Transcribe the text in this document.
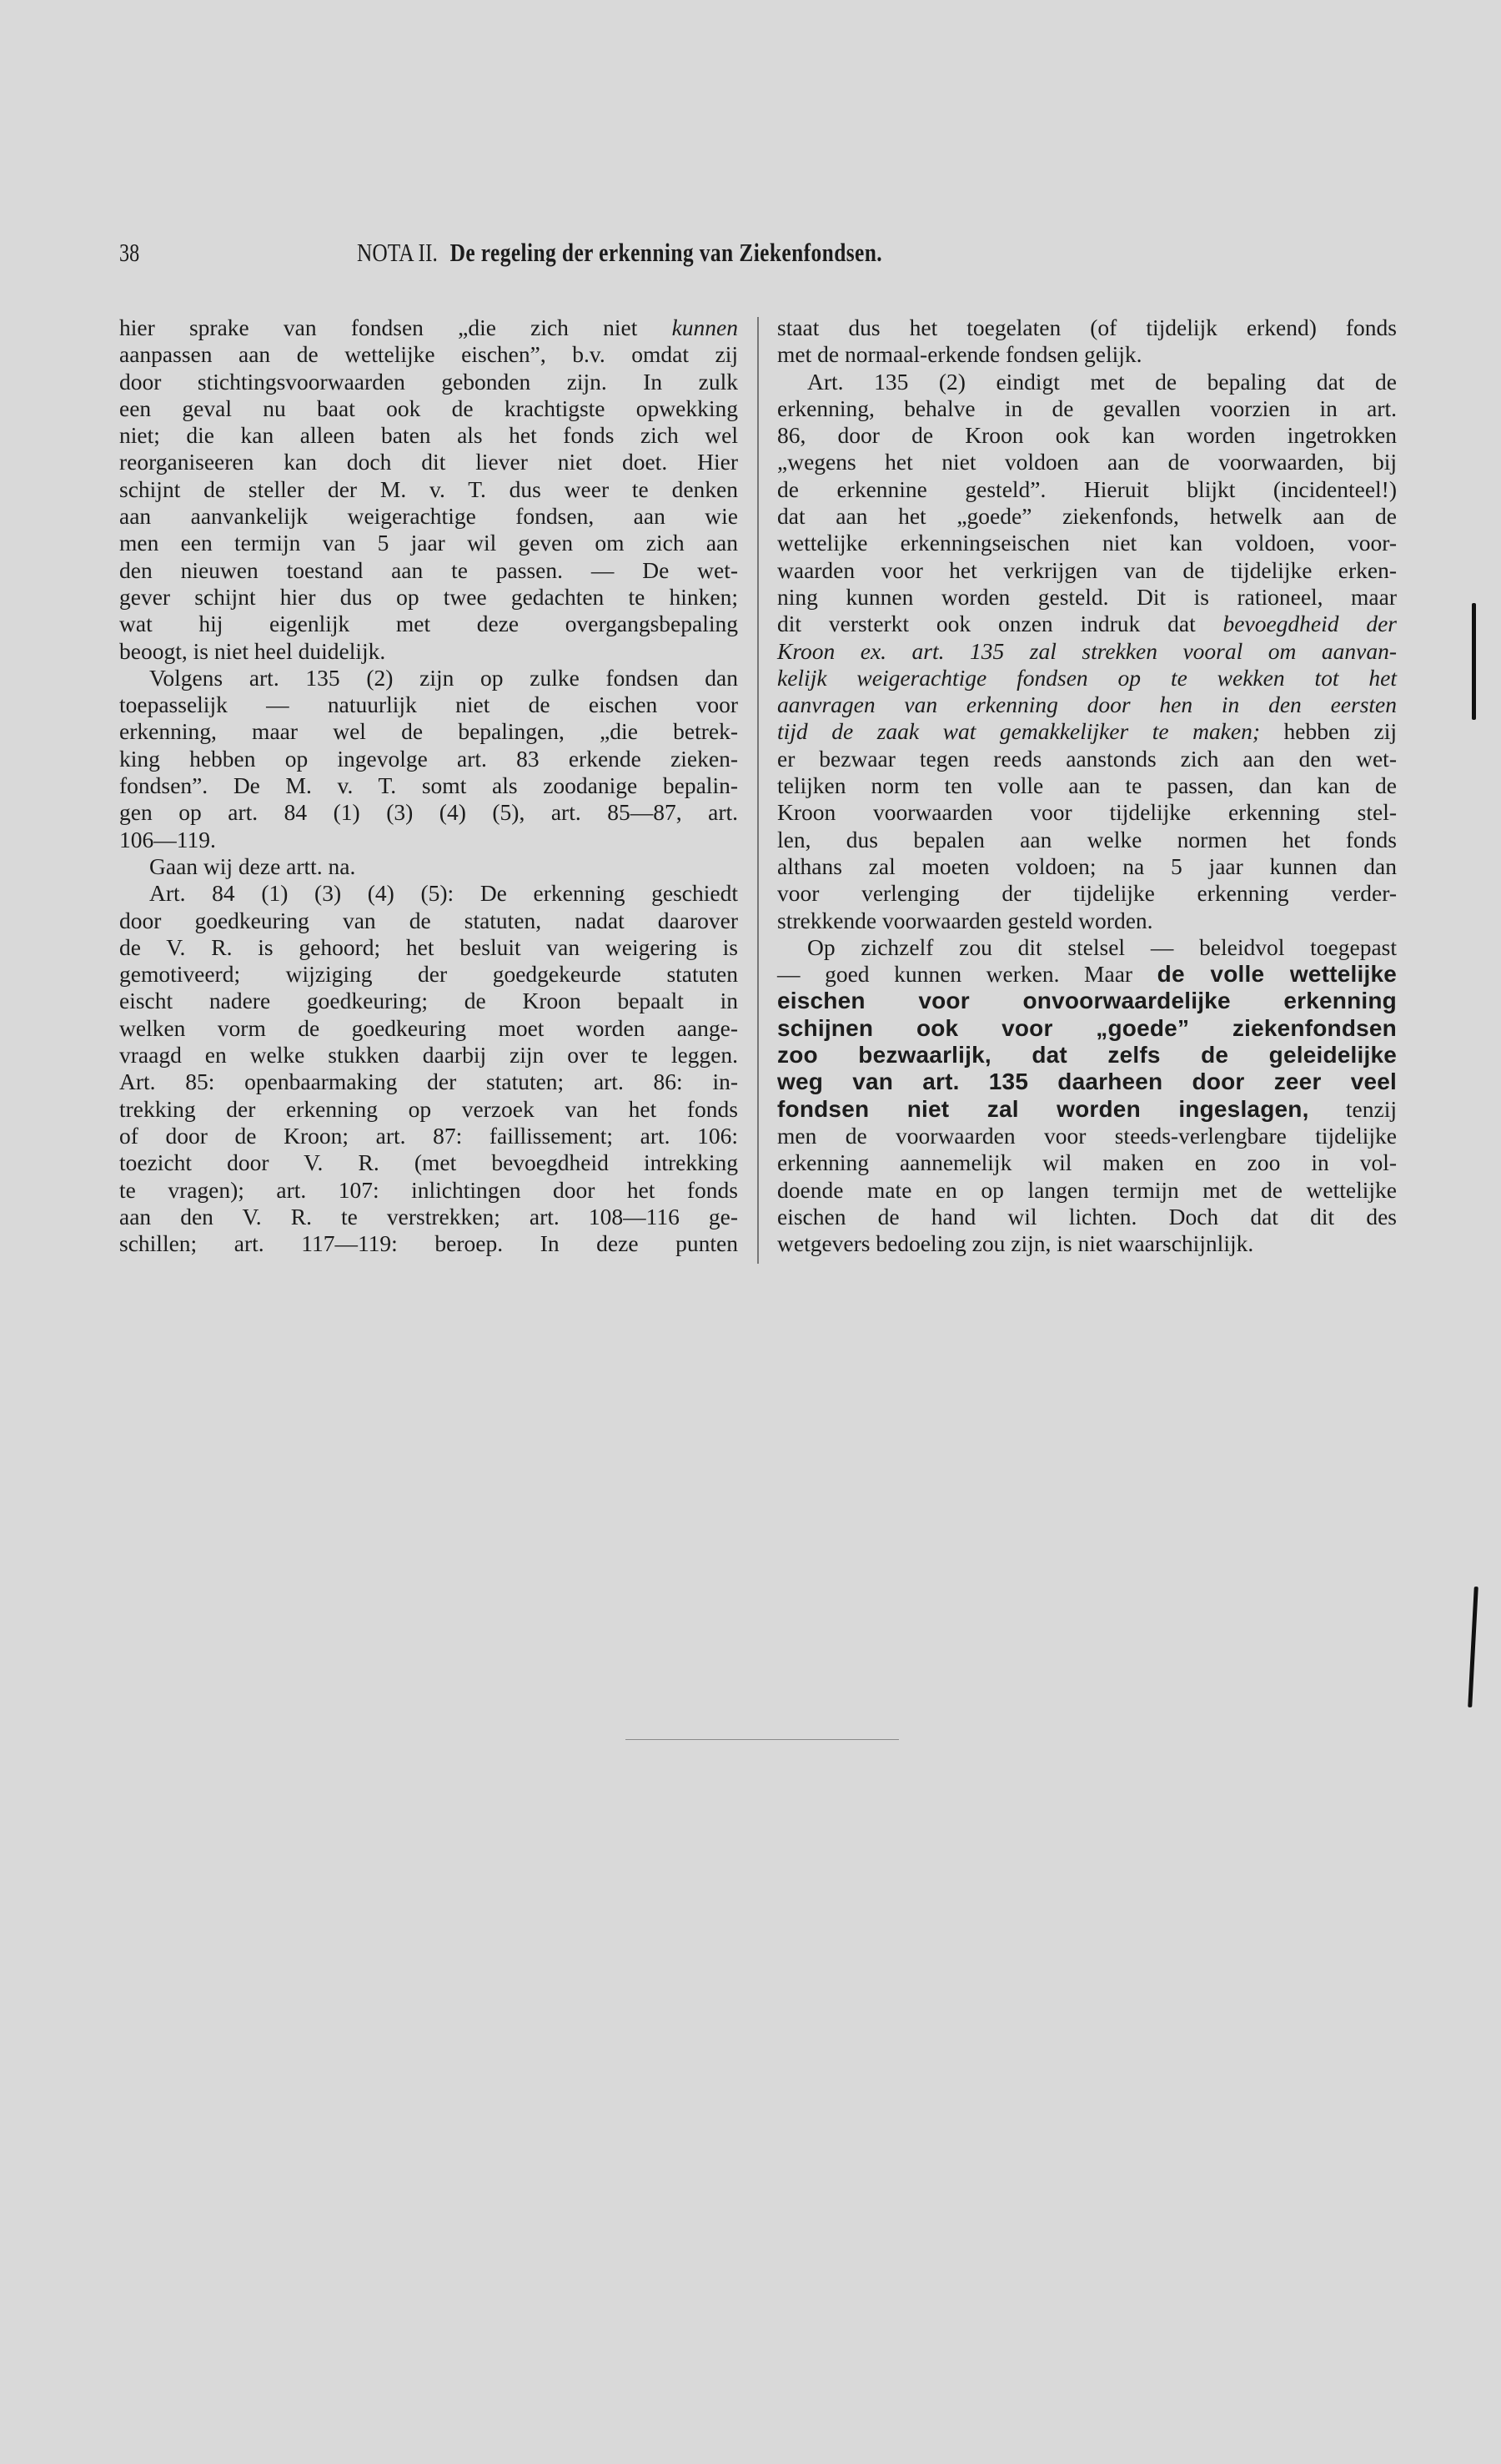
38	NOTA II. De regeling der erkenning van Ziekenfondsen.
hier sprake van fondsen „die zich niet kunnen
aanpassen aan de wettelijke eischen”, b.v. omdat zij
door stichtingsvoorwaarden gebonden zijn. In zulk
een geval nu baat ook de krachtigste opwekking
niet; die kan alleen baten als het fonds zich wel
reorganiseeren kan doch dit liever niet doet. Hier
schijnt de steller der M. v. T. dus weer te denken
aan aanvankelijk weigerachtige fondsen, aan wie
men een termijn van 5 jaar wil geven om zich aan
den nieuwen toestand aan te passen. — De wet-
gever schijnt hier dus op twee gedachten te hinken;
wat hij eigenlijk met deze overgangsbepaling
beoogt, is niet heel duidelijk.
Volgens art. 135 (2) zijn op zulke fondsen dan
toepasselijk — natuurlijk niet de eischen voor
erkenning, maar wel de bepalingen, „die betrek-
king hebben op ingevolge art. 83 erkende zieken-
fondsen”. De M. v. T. somt als zoodanige bepalin-
gen op art. 84 (1) (3) (4) (5), art. 85—87, art.
106—119.
Gaan wij deze artt. na.
Art. 84 (1) (3) (4) (5): De erkenning geschiedt
door goedkeuring van de statuten, nadat daarover
de V. R. is gehoord; het besluit van weigering is
gemotiveerd; wijziging der goedgekeurde statuten
eischt nadere goedkeuring; de Kroon bepaalt in
welken vorm de goedkeuring moet worden aange-
vraagd en welke stukken daarbij zijn over te leggen.
Art. 85: openbaarmaking der statuten; art. 86: in-
trekking der erkenning op verzoek van het fonds
of door de Kroon; art. 87: faillissement; art. 106:
toezicht door V. R. (met bevoegdheid intrekking
te vragen); art. 107: inlichtingen door het fonds
aan den V. R. te verstrekken; art. 108—116 ge-
schillen; art. 117—119: beroep. In deze punten
staat dus het toegelaten (of tijdelijk erkend) fonds
met de normaal-erkende fondsen gelijk.
Art. 135 (2) eindigt met de bepaling dat de
erkenning, behalve in de gevallen voorzien in art.
86, door de Kroon ook kan worden ingetrokken
„wegens het niet voldoen aan de voorwaarden, bij
de erkennine gesteld”. Hieruit blijkt (incidenteel!)
dat aan het „goede” ziekenfonds, hetwelk aan de
wettelijke erkenningseischen niet kan voldoen, voor-
waarden voor het verkrijgen van de tijdelijke erken-
ning kunnen worden gesteld. Dit is rationeel, maar
dit versterkt ook onzen indruk dat bevoegdheid der
Kroon ex. art. 135 zal strekken vooral om aanvan-
kelijk weigerachtige fondsen op te wekken tot het
aanvragen van erkenning door hen in den eersten
tijd de zaak wat gemakkelijker te maken; hebben zij
er bezwaar tegen reeds aanstonds zich aan den wet-
telijken norm ten volle aan te passen, dan kan de
Kroon voorwaarden voor tijdelijke erkenning stel-
len, dus bepalen aan welke normen het fonds
althans zal moeten voldoen; na 5 jaar kunnen dan
voor verlenging der tijdelijke erkenning verder-
strekkende voorwaarden gesteld worden.
Op zichzelf zou dit stelsel — beleidvol toegepast
— goed kunnen werken. Maar de volle wettelijke
eischen voor onvoorwaardelijke erkenning
schijnen ook voor „goede” ziekenfondsen
zoo bezwaarlijk, dat zelfs de geleidelijke
weg van art. 135 daarheen door zeer veel
fondsen niet zal worden ingeslagen, tenzij
men de voorwaarden voor steeds-verlengbare tijdelijke
erkenning aannemelijk wil maken en zoo in vol-
doende mate en op langen termijn met de wettelijke
eischen de hand wil lichten. Doch dat dit des
wetgevers bedoeling zou zijn, is niet waarschijnlijk.
